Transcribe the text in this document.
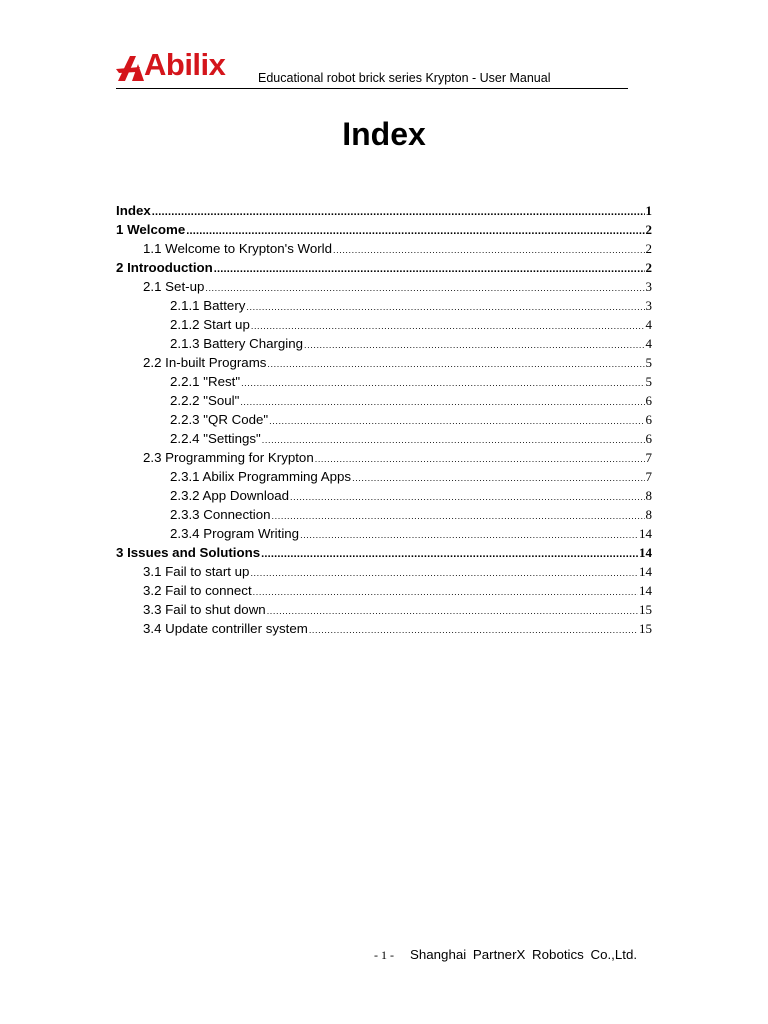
Abilix	Educational robot brick series Krypton - User Manual
Index
Index .....	1
1 Welcome .....	2
1.1 Welcome to Krypton's World .....	2
2 Introoduction .....	2
2.1 Set-up .....	3
2.1.1 Battery .....	3
2.1.2 Start up .....	4
2.1.3 Battery Charging .....	4
2.2 In-built Programs .....	5
2.2.1 "Rest" .....	5
2.2.2 "Soul" .....	6
2.2.3 "QR Code" .....	6
2.2.4 "Settings" .....	6
2.3 Programming for Krypton .....	7
2.3.1 Abilix Programming Apps .....	7
2.3.2 App Download .....	8
2.3.3 Connection .....	8
2.3.4 Program Writing .....	14
3 Issues and Solutions .....	14
3.1 Fail to start up .....	14
3.2 Fail to connect .....	14
3.3 Fail to shut down .....	15
3.4 Update contriller system .....	15
- 1 - Shanghai PartnerX Robotics Co.,Ltd.
